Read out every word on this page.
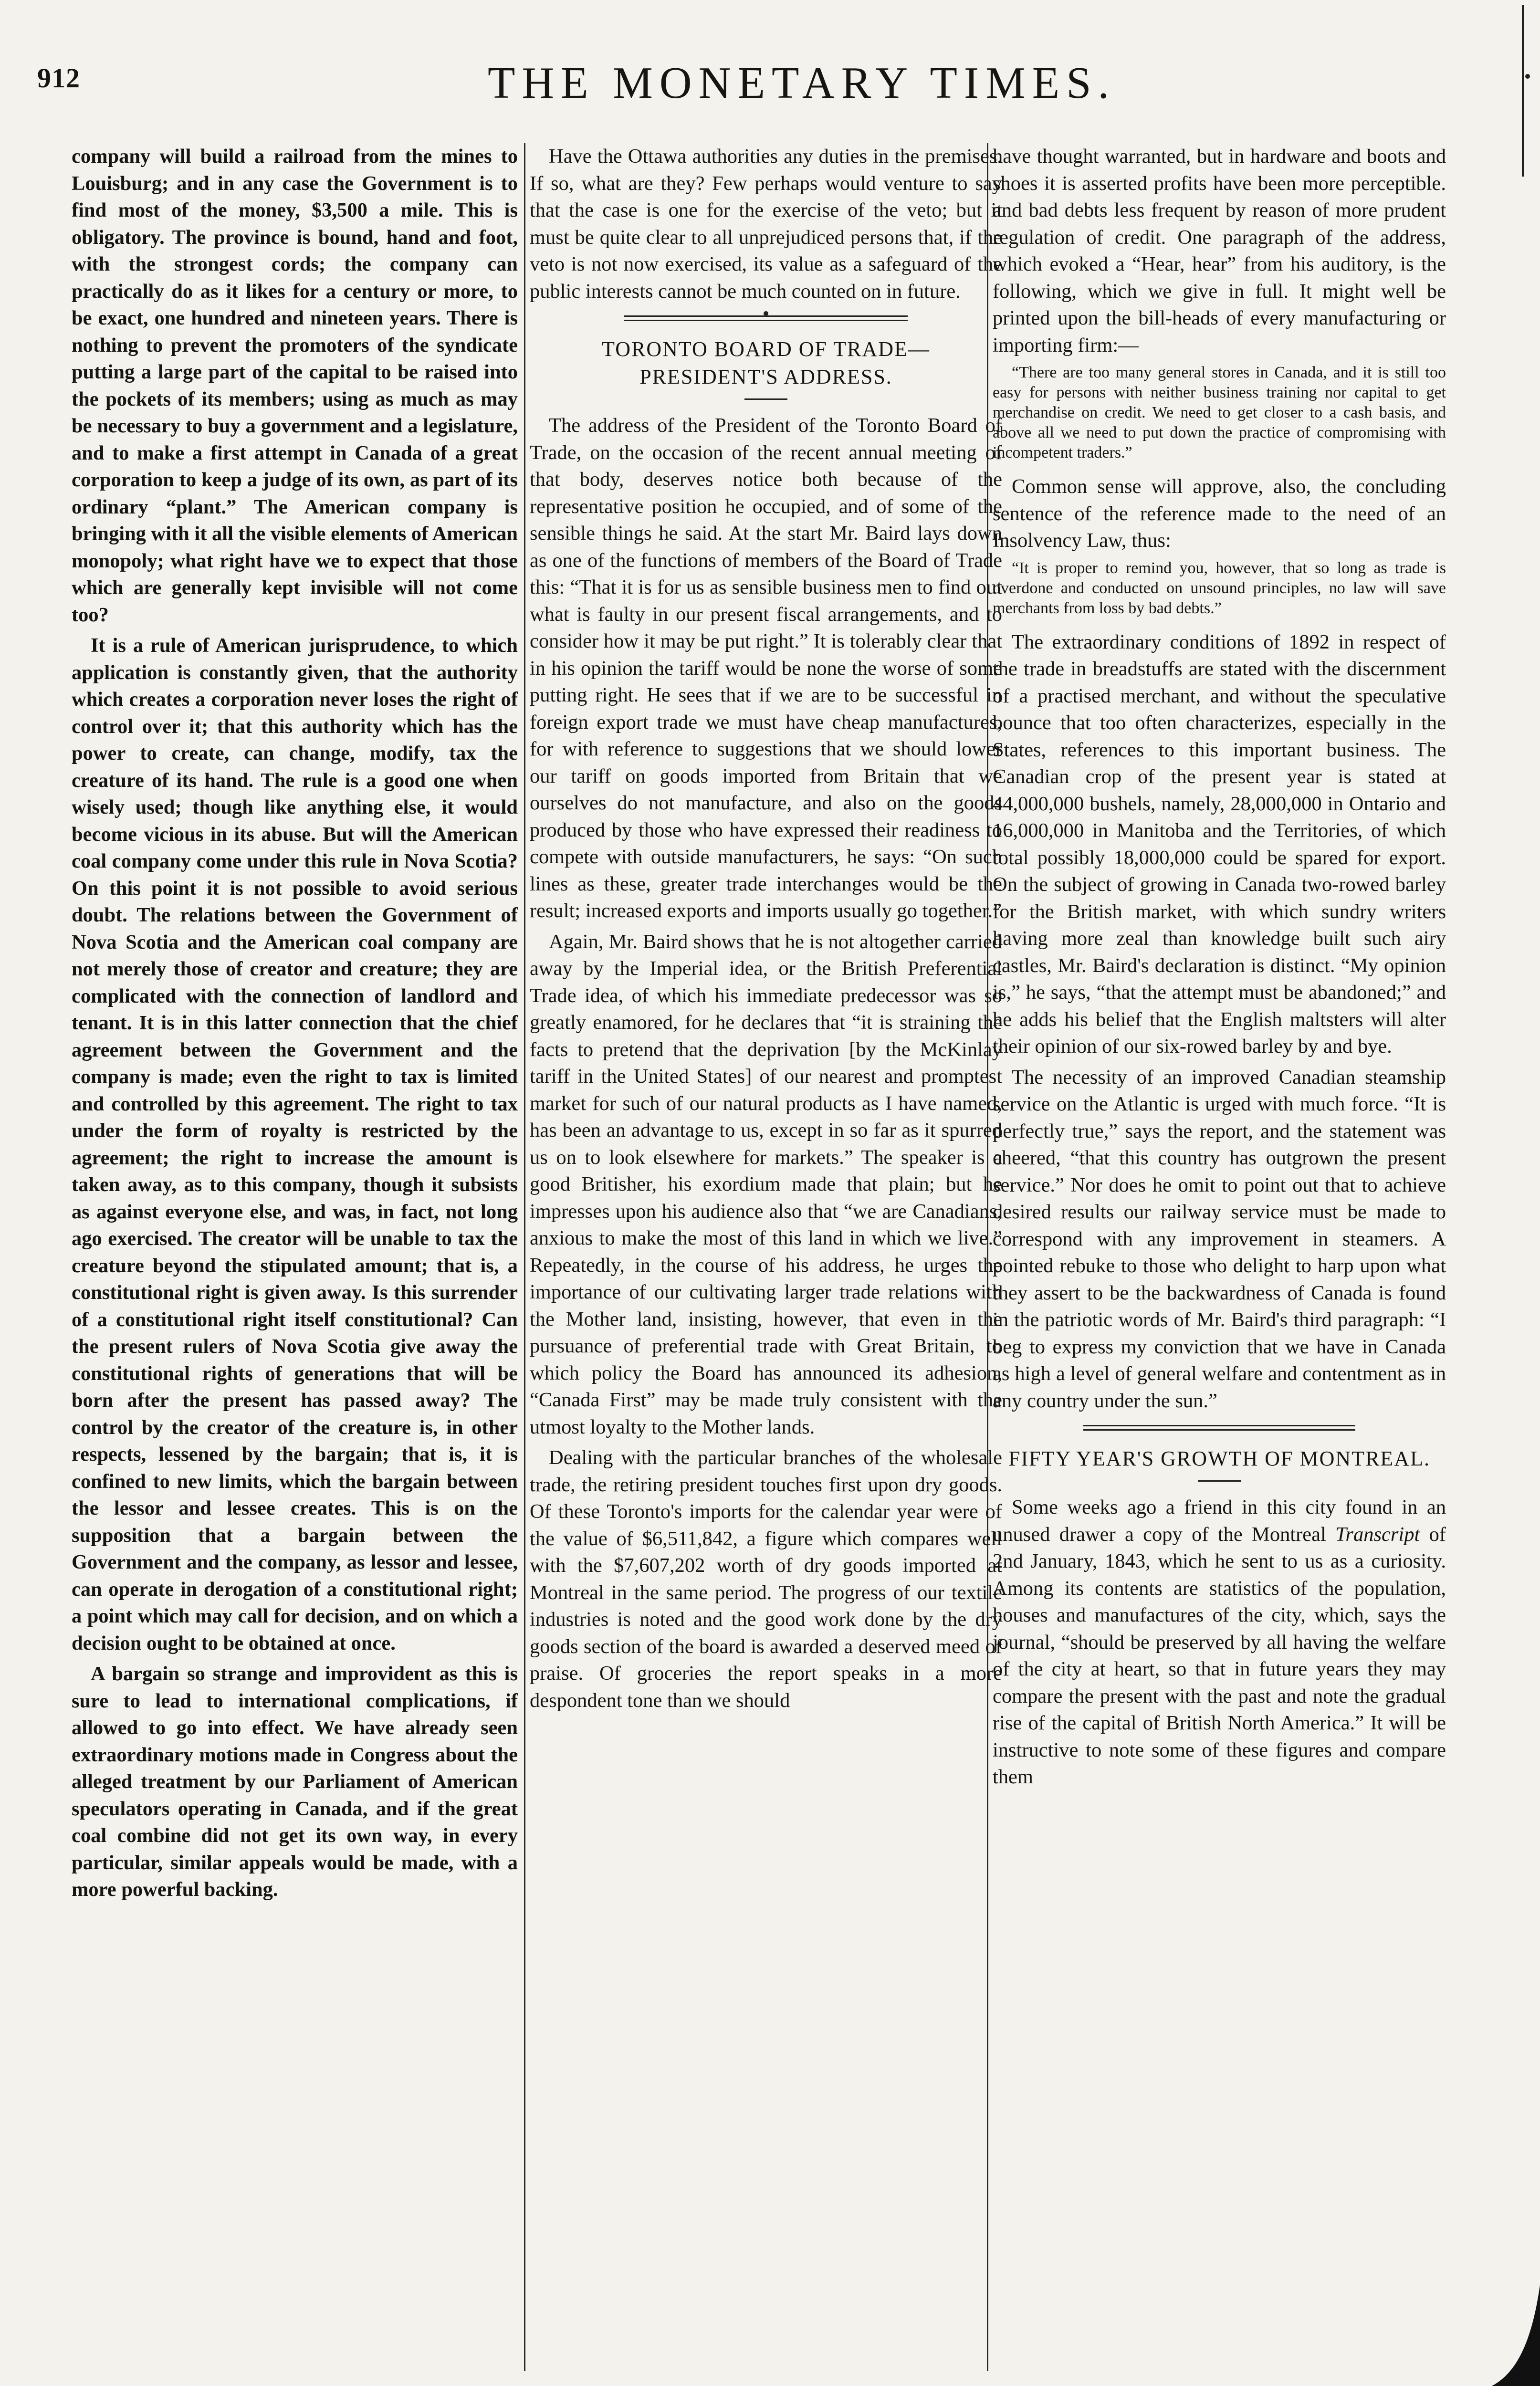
912	THE MONETARY TIMES.

company will build a railroad from the mines to Louisburg; and in any case the Government is to find most of the money, $3,500 a mile. This is obligatory. The province is bound, hand and foot, with the strongest cords; the company can practically do as it likes for a century or more, to be exact, one hundred and nineteen years. There is nothing to prevent the promoters of the syndicate putting a large part of the capital to be raised into the pockets of its members; using as much as may be necessary to buy a government and a legislature, and to make a first attempt in Canada of a great corporation to keep a judge of its own, as part of its ordinary “plant.” The American company is bringing with it all the visible elements of American monopoly; what right have we to expect that those which are generally kept invisible will not come too?

It is a rule of American jurisprudence, to which application is constantly given, that the authority which creates a corporation never loses the right of control over it; that this authority which has the power to create, can change, modify, tax the creature of its hand. The rule is a good one when wisely used; though like anything else, it would become vicious in its abuse. But will the American coal company come under this rule in Nova Scotia? On this point it is not possible to avoid serious doubt. The relations between the Government of Nova Scotia and the American coal company are not merely those of creator and creature; they are complicated with the connection of landlord and tenant. It is in this latter connection that the chief agreement between the Government and the company is made; even the right to tax is limited and controlled by this agreement. The right to tax under the form of royalty is restricted by the agreement; the right to increase the amount is taken away, as to this company, though it subsists as against everyone else, and was, in fact, not long ago exercised. The creator will be unable to tax the creature beyond the stipulated amount; that is, a constitutional right is given away. Is this surrender of a constitutional right itself constitutional? Can the present rulers of Nova Scotia give away the constitutional rights of generations that will be born after the present has passed away? The control by the creator of the creature is, in other respects, lessened by the bargain; that is, it is confined to new limits, which the bargain between the lessor and lessee creates. This is on the supposition that a bargain between the Government and the company, as lessor and lessee, can operate in derogation of a constitutional right; a point which may call for decision, and on which a decision ought to be obtained at once.

A bargain so strange and improvident as this is sure to lead to international complications, if allowed to go into effect. We have already seen extraordinary motions made in Congress about the alleged treatment by our Parliament of American speculators operating in Canada, and if the great coal combine did not get its own way, in every particular, similar appeals would be made, with a more powerful backing.

Have the Ottawa authorities any duties in the premises. If so, what are they? Few perhaps would venture to say that the case is one for the exercise of the veto; but it must be quite clear to all unprejudiced persons that, if the veto is not now exercised, its value as a safeguard of the public interests cannot be much counted on in future.

TORONTO BOARD OF TRADE— PRESIDENT'S ADDRESS.

The address of the President of the Toronto Board of Trade, on the occasion of the recent annual meeting of that body, deserves notice both because of the representative position he occupied, and of some of the sensible things he said. At the start Mr. Baird lays down as one of the functions of members of the Board of Trade this: “That it is for us as sensible business men to find out what is faulty in our present fiscal arrangements, and to consider how it may be put right.” It is tolerably clear that in his opinion the tariff would be none the worse of some putting right. He sees that if we are to be successful in foreign export trade we must have cheap manufactures, for with reference to suggestions that we should lower our tariff on goods imported from Britain that we ourselves do not manufacture, and also on the goods produced by those who have expressed their readiness to compete with outside manufacturers, he says: “On such lines as these, greater trade interchanges would be the result; increased exports and imports usually go together.”

Again, Mr. Baird shows that he is not altogether carried away by the Imperial idea, or the British Preferential Trade idea, of which his immediate predecessor was so greatly enamored, for he declares that “it is straining the facts to pretend that the deprivation [by the McKinlay tariff in the United States] of our nearest and promptest market for such of our natural products as I have named, has been an advantage to us, except in so far as it spurred us on to look elsewhere for markets.” The speaker is a good Britisher, his exordium made that plain; but he impresses upon his audience also that “we are Canadians, anxious to make the most of this land in which we live.” Repeatedly, in the course of his address, he urges the importance of our cultivating larger trade relations with the Mother land, insisting, however, that even in the pursuance of preferential trade with Great Britain, to which policy the Board has announced its adhesion, “Canada First” may be made truly consistent with the utmost loyalty to the Mother lands.

Dealing with the particular branches of the wholesale trade, the retiring president touches first upon dry goods. Of these Toronto's imports for the calendar year were of the value of $6,511,842, a figure which compares well with the $7,607,202 worth of dry goods imported at Montreal in the same period. The progress of our textile industries is noted and the good work done by the dry goods section of the board is awarded a deserved meed of praise. Of groceries the report speaks in a more despondent tone than we should

have thought warranted, but in hardware and boots and shoes it is asserted profits have been more perceptible. and bad debts less frequent by reason of more prudent regulation of credit. One paragraph of the address, which evoked a “Hear, hear” from his auditory, is the following, which we give in full. It might well be printed upon the bill-heads of every manufacturing or importing firm:—

“There are too many general stores in Canada, and it is still too easy for persons with neither business training nor capital to get merchandise on credit. We need to get closer to a cash basis, and above all we need to put down the practice of compromising with incompetent traders.”

Common sense will approve, also, the concluding sentence of the reference made to the need of an Insolvency Law, thus:

“It is proper to remind you, however, that so long as trade is overdone and conducted on unsound principles, no law will save merchants from loss by bad debts.”

The extraordinary conditions of 1892 in respect of the trade in breadstuffs are stated with the discernment of a practised merchant, and without the speculative bounce that too often characterizes, especially in the States, references to this important business. The Canadian crop of the present year is stated at 44,000,000 bushels, namely, 28,000,000 in Ontario and 16,000,000 in Manitoba and the Territories, of which total possibly 18,000,000 could be spared for export. On the subject of growing in Canada two-rowed barley for the British market, with which sundry writers having more zeal than knowledge built such airy castles, Mr. Baird's declaration is distinct. “My opinion is,” he says, “that the attempt must be abandoned;” and he adds his belief that the English maltsters will alter their opinion of our six-rowed barley by and bye.

The necessity of an improved Canadian steamship service on the Atlantic is urged with much force. “It is perfectly true,” says the report, and the statement was cheered, “that this country has outgrown the present service.” Nor does he omit to point out that to achieve desired results our railway service must be made to correspond with any improvement in steamers. A pointed rebuke to those who delight to harp upon what they assert to be the backwardness of Canada is found in the patriotic words of Mr. Baird's third paragraph: “I beg to express my conviction that we have in Canada as high a level of general welfare and contentment as in any country under the sun.”

FIFTY YEAR'S GROWTH OF MONTREAL.

Some weeks ago a friend in this city found in an unused drawer a copy of the Montreal Transcript of 2nd January, 1843, which he sent to us as a curiosity. Among its contents are statistics of the population, houses and manufactures of the city, which, says the journal, “should be preserved by all having the welfare of the city at heart, so that in future years they may compare the present with the past and note the gradual rise of the capital of British North America.” It will be instructive to note some of these figures and compare them
